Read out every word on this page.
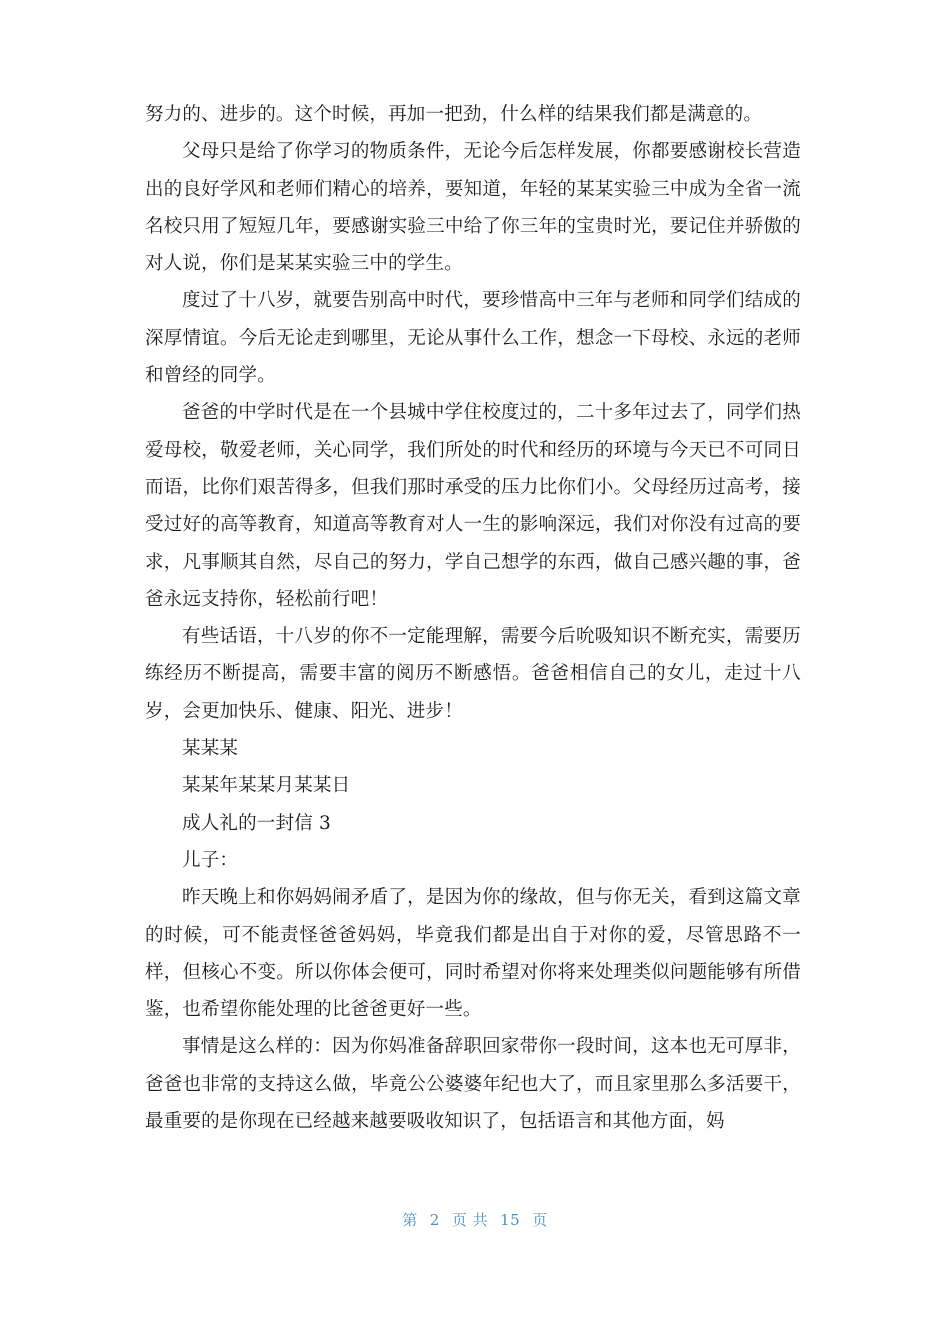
努力的、进步的。这个时候，再加一把劲，什么样的结果我们都是满意的。

父母只是给了你学习的物质条件，无论今后怎样发展，你都要感谢校长营造出的良好学风和老师们精心的培养，要知道，年轻的某某实验三中成为全省一流名校只用了短短几年，要感谢实验三中给了你三年的宝贵时光，要记住并骄傲的对人说，你们是某某实验三中的学生。

度过了十八岁，就要告别高中时代，要珍惜高中三年与老师和同学们结成的深厚情谊。今后无论走到哪里，无论从事什么工作，想念一下母校、永远的老师和曾经的同学。

爸爸的中学时代是在一个县城中学住校度过的，二十多年过去了，同学们热爱母校，敬爱老师，关心同学，我们所处的时代和经历的环境与今天已不可同日而语，比你们艰苦得多，但我们那时承受的压力比你们小。父母经历过高考，接受过好的高等教育，知道高等教育对人一生的影响深远，我们对你没有过高的要求，凡事顺其自然，尽自己的努力，学自己想学的东西，做自己感兴趣的事，爸爸永远支持你，轻松前行吧！

有些话语，十八岁的你不一定能理解，需要今后吮吸知识不断充实，需要历练经历不断提高，需要丰富的阅历不断感悟。爸爸相信自己的女儿，走过十八岁，会更加快乐、健康、阳光、进步！

某某某

某某年某某月某某日

成人礼的一封信 3

儿子：

昨天晚上和你妈妈闹矛盾了，是因为你的缘故，但与你无关，看到这篇文章的时候，可不能责怪爸爸妈妈，毕竟我们都是出自于对你的爱，尽管思路不一样，但核心不变。所以你体会便可，同时希望对你将来处理类似问题能够有所借鉴，也希望你能处理的比爸爸更好一些。

事情是这么样的：因为你妈准备辞职回家带你一段时间，这本也无可厚非，爸爸也非常的支持这么做，毕竟公公婆婆年纪也大了，而且家里那么多活要干，最重要的是你现在已经越来越要吸收知识了，包括语言和其他方面，妈

第 2 页 共 15 页
